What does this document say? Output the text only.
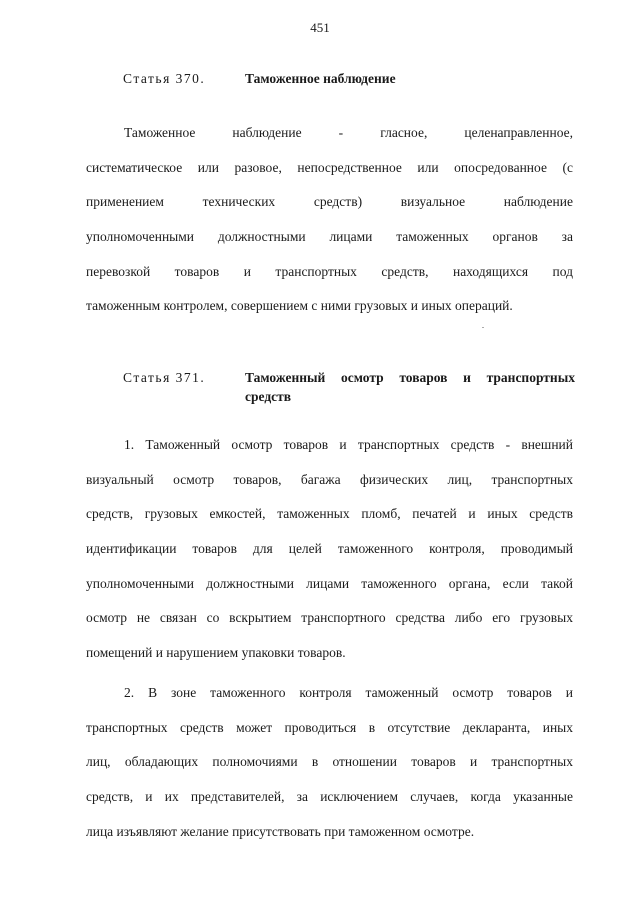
451
Статья 370.	Таможенное наблюдение
Таможенное наблюдение - гласное, целенаправленное,
систематическое или разовое, непосредственное или опосредованное (с
применением технических средств) визуальное наблюдение
уполномоченными должностными лицами таможенных органов за
перевозкой товаров и транспортных средств, находящихся под
таможенным контролем, совершением с ними грузовых и иных операций.
Статья 371.	Таможенный осмотр товаров и транспортных
средств
1. Таможенный осмотр товаров и транспортных средств - внешний
визуальный осмотр товаров, багажа физических лиц, транспортных
средств, грузовых емкостей, таможенных пломб, печатей и иных средств
идентификации товаров для целей таможенного контроля, проводимый
уполномоченными должностными лицами таможенного органа, если такой
осмотр не связан со вскрытием транспортного средства либо его грузовых
помещений и нарушением упаковки товаров.
2. В зоне таможенного контроля таможенный осмотр товаров и
транспортных средств может проводиться в отсутствие декларанта, иных
лиц, обладающих полномочиями в отношении товаров и транспортных
средств, и их представителей, за исключением случаев, когда указанные
лица изъявляют желание присутствовать при таможенном осмотре.
